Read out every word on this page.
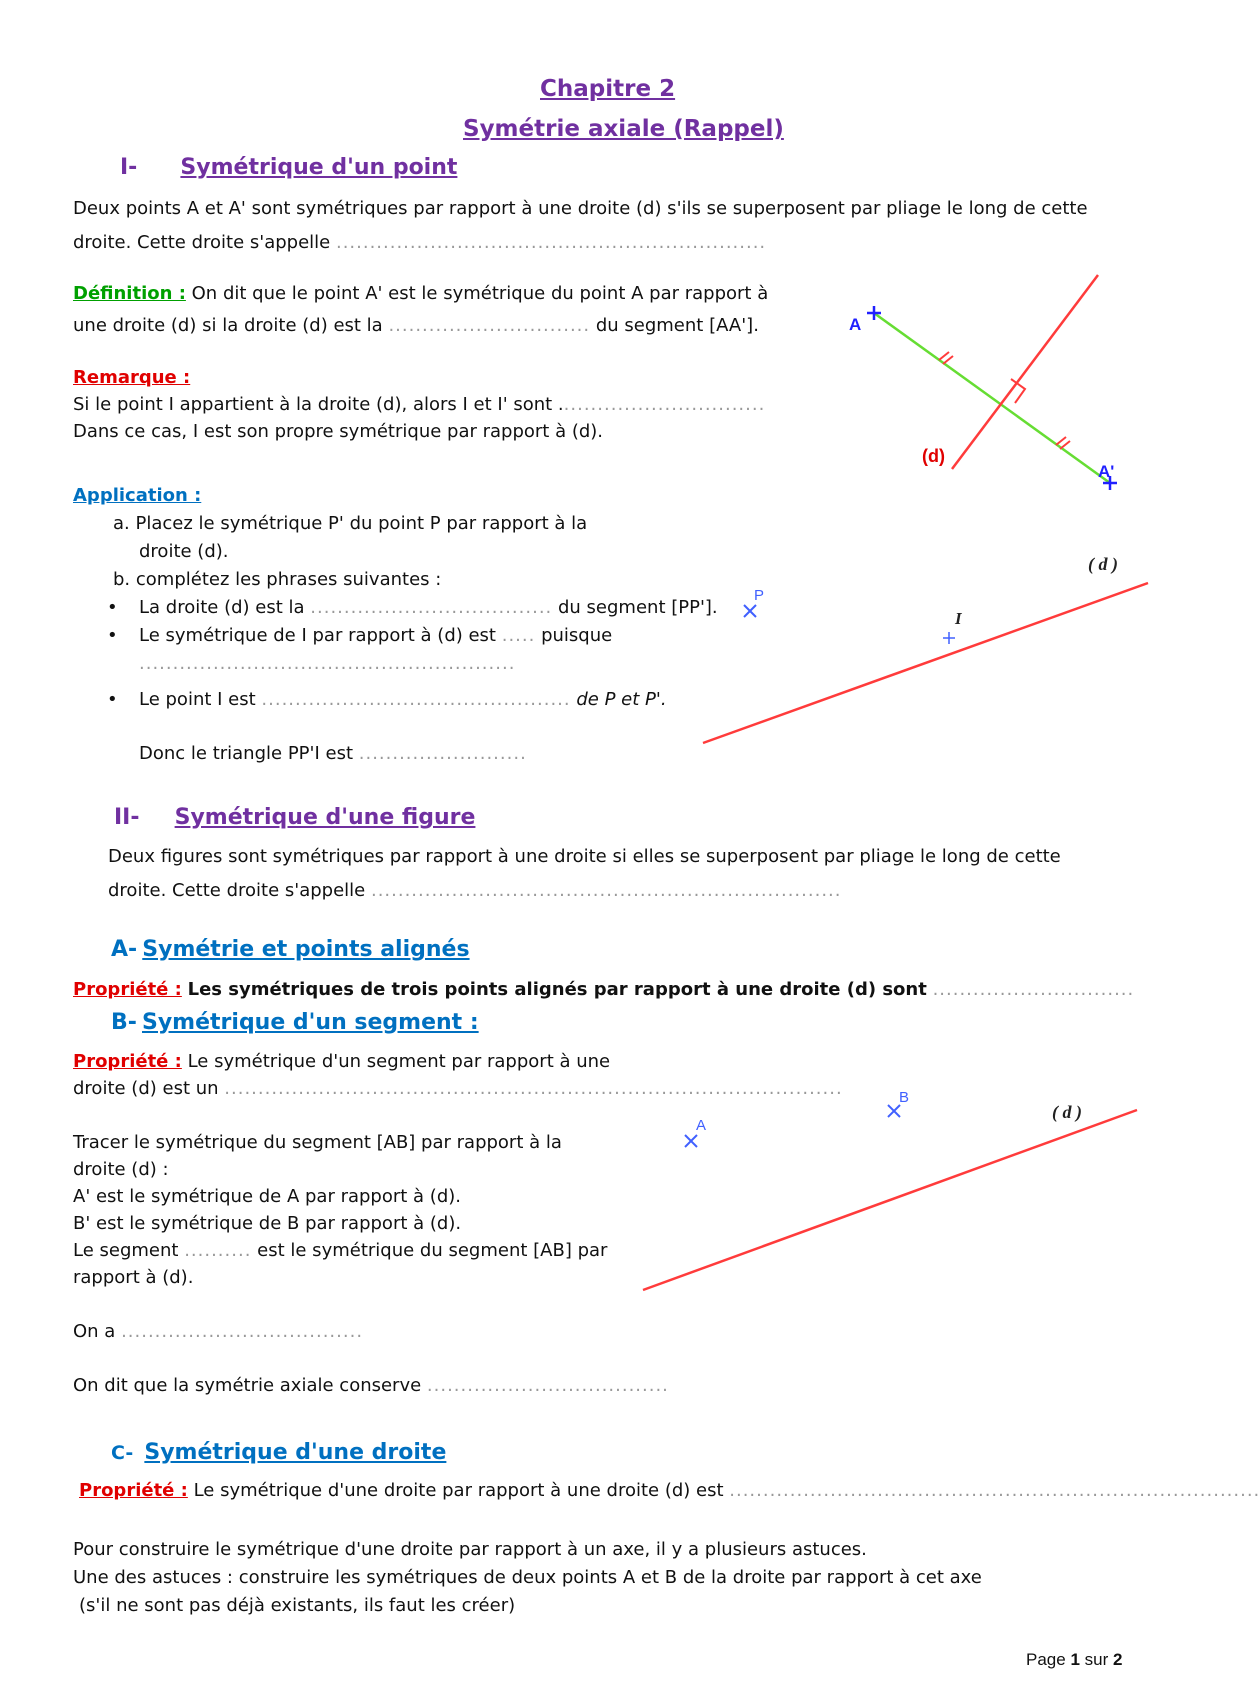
Chapitre 2
Symétrie axiale (Rappel)
I- Symétrique d'un point
Deux points A et A' sont symétriques par rapport à une droite (d) s'ils se superposent par pliage le long de cette
droite. Cette droite s'appelle ................................................................
Définition : On dit que le point A' est le symétrique du point A par rapport à
une droite (d) si la droite (d) est la .............................. du segment [AA'].
Remarque :
Si le point I appartient à la droite (d), alors I et I' sont ...............................
Dans ce cas, I est son propre symétrique par rapport à (d).
Application :
a. Placez le symétrique P' du point P par rapport à la
droite (d).
b. complétez les phrases suivantes :
• La droite (d) est la .................................... du segment [PP'].
• Le symétrique de I par rapport à (d) est ..... puisque
........................................................
• Le point I est .............................................. de P et P'.
Donc le triangle PP'I est .........................
A
A'
(d)
P
I
( d )
II- Symétrique d'une figure
Deux figures sont symétriques par rapport à une droite si elles se superposent par pliage le long de cette
droite. Cette droite s'appelle ......................................................................
A- Symétrie et points alignés
Propriété : Les symétriques de trois points alignés par rapport à une droite (d) sont ..............................
B- Symétrique d'un segment :
Propriété : Le symétrique d'un segment par rapport à une
droite (d) est un ............................................................................................
Tracer le symétrique du segment [AB] par rapport à la
droite (d) :
A' est le symétrique de A par rapport à (d).
B' est le symétrique de B par rapport à (d).
Le segment .......... est le symétrique du segment [AB] par
rapport à (d).
On a ....................................
On dit que la symétrie axiale conserve ....................................
A
B
( d )
C- Symétrique d'une droite
Propriété : Le symétrique d'une droite par rapport à une droite (d) est ...............................................................................
Pour construire le symétrique d'une droite par rapport à un axe, il y a plusieurs astuces.
Une des astuces : construire les symétriques de deux points A et B de la droite par rapport à cet axe
(s'il ne sont pas déjà existants, ils faut les créer)
Page 1 sur 2
